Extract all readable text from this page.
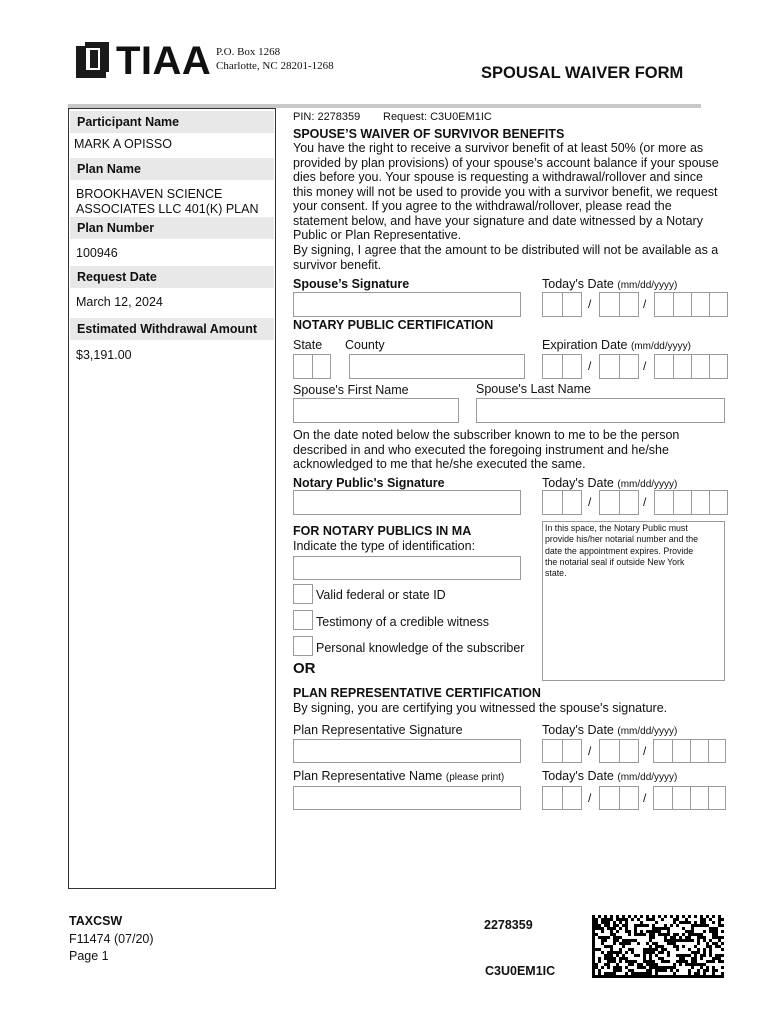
TIAA P.O. Box 1268
Charlotte, NC 28201-1268	SPOUSAL WAIVER FORM
Participant Name
MARK A OPISSO
Plan Name
BROOKHAVEN SCIENCE
ASSOCIATES LLC 401(K) PLAN
Plan Number
100946
Request Date
March 12, 2024
Estimated Withdrawal Amount
$3,191.00
PIN: 2278359 Request: C3U0EM1IC
SPOUSE’S WAIVER OF SURVIVOR BENEFITS
You have the right to receive a survivor benefit of at least 50% (or more as
provided by plan provisions) of your spouse’s account balance if your spouse
dies before you. Your spouse is requesting a withdrawal/rollover and since
this money will not be used to provide you with a survivor benefit, we request
your consent. If you agree to the withdrawal/rollover, please read the
statement below, and have your signature and date witnessed by a Notary
Public or Plan Representative.
By signing, I agree that the amount to be distributed will not be available as a
survivor benefit.
Spouse’s Signature	Today's Date (mm/dd/yyyy)
/	/
NOTARY PUBLIC CERTIFICATION
State County	Expiration Date (mm/dd/yyyy)
/	/
Spouse's First Name	Spouse's Last Name
On the date noted below the subscriber known to me to be the person
described in and who executed the foregoing instrument and he/she
acknowledged to me that he/she executed the same.
Notary Public's Signature	Today's Date (mm/dd/yyyy)
/	/
FOR NOTARY PUBLICS IN MA
Indicate the type of identification:
Valid federal or state ID
Testimony of a credible witness
Personal knowledge of the subscriber
In this space, the Notary Public must
provide his/her notarial number and the
date the appointment expires. Provide
the notarial seal if outside New York
state.
OR
PLAN REPRESENTATIVE CERTIFICATION
By signing, you are certifying you witnessed the spouse's signature.
Plan Representative Signature	Today's Date (mm/dd/yyyy)
/	/
Plan Representative Name (please print)	Today's Date (mm/dd/yyyy)
/	/
TAXCSW
F11474 (07/20)
Page 1
2278359
C3U0EM1IC
